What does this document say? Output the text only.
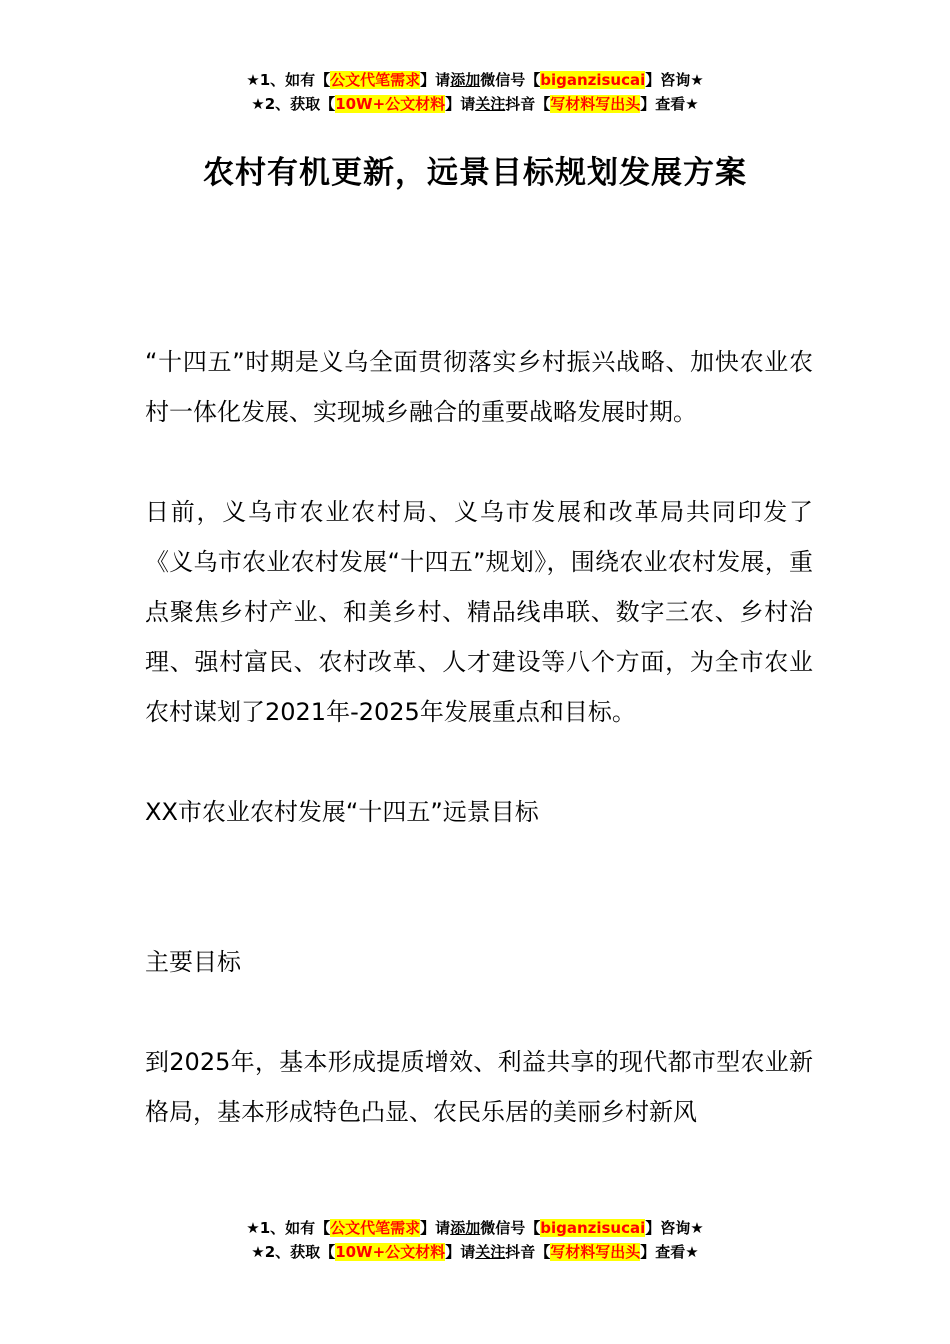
★1、如有【公文代笔需求】请添加微信号【biganzisucai】咨询★
★2、获取【10W+公文材料】请关注抖音【写材料写出头】查看★
农村有机更新，远景目标规划发展方案

“十四五”时期是义乌全面贯彻落实乡村振兴战略、加快农业农村一体化发展、实现城乡融合的重要战略发展时期。

日前，义乌市农业农村局、义乌市发展和改革局共同印发了《义乌市农业农村发展“十四五”规划》，围绕农业农村发展，重点聚焦乡村产业、和美乡村、精品线串联、数字三农、乡村治理、强村富民、农村改革、人才建设等八个方面，为全市农业农村谋划了2021年-2025年发展重点和目标。

XX市农业农村发展“十四五”远景目标

主要目标

到2025年，基本形成提质增效、利益共享的现代都市型农业新格局，基本形成特色凸显、农民乐居的美丽乡村新风

★1、如有【公文代笔需求】请添加微信号【biganzisucai】咨询★
★2、获取【10W+公文材料】请关注抖音【写材料写出头】查看★
